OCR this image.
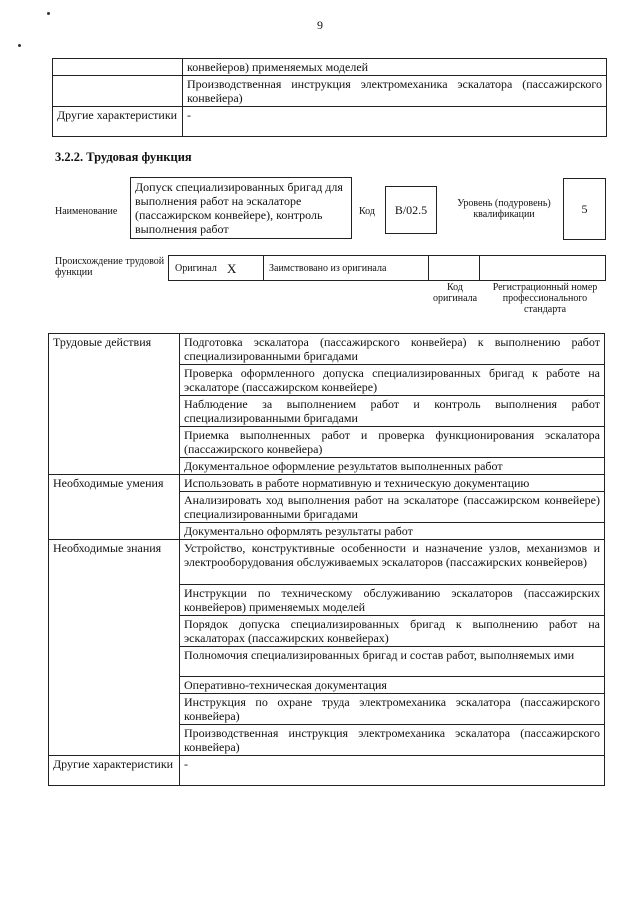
9
	конвейеров) применяемых моделей
	Производственная инструкция электромеханика эскалатора (пассажирского конвейера)
Другие характеристики	-
3.2.2. Трудовая функция
Наименование
Допуск специализированных бригад для выполнения работ на эскалаторе (пассажирском конвейере), контроль выполнения работ
Код	B/02.5	Уровень (подуровень) квалификации	5
Происхождение трудовой функции	Оригинал X	Заимствовано из оригинала
Код оригинала
Регистрационный номер профессионального стандарта
Трудовые действия	Подготовка эскалатора (пассажирского конвейера) к выполнению работ специализированными бригадами
	Проверка оформленного допуска специализированных бригад к работе на эскалаторе (пассажирском конвейере)
	Наблюдение за выполнением работ и контроль выполнения работ специализированными бригадами
	Приемка выполненных работ и проверка функционирования эскалатора (пассажирского конвейера)
	Документальное оформление результатов выполненных работ
Необходимые умения	Использовать в работе нормативную и техническую документацию
	Анализировать ход выполнения работ на эскалаторе (пассажирском конвейере) специализированными бригадами
	Документально оформлять результаты работ
Необходимые знания	Устройство, конструктивные особенности и назначение узлов, механизмов и электрооборудования обслуживаемых эскалаторов (пассажирских конвейеров)
	Инструкции по техническому обслуживанию эскалаторов (пассажирских конвейеров) применяемых моделей
	Порядок допуска специализированных бригад к выполнению работ на эскалаторах (пассажирских конвейерах)
	Полномочия специализированных бригад и состав работ, выполняемых ими
	Оперативно-техническая документация
	Инструкция по охране труда электромеханика эскалатора (пассажирского конвейера)
	Производственная инструкция электромеханика эскалатора (пассажирского конвейера)
Другие характеристики	-
